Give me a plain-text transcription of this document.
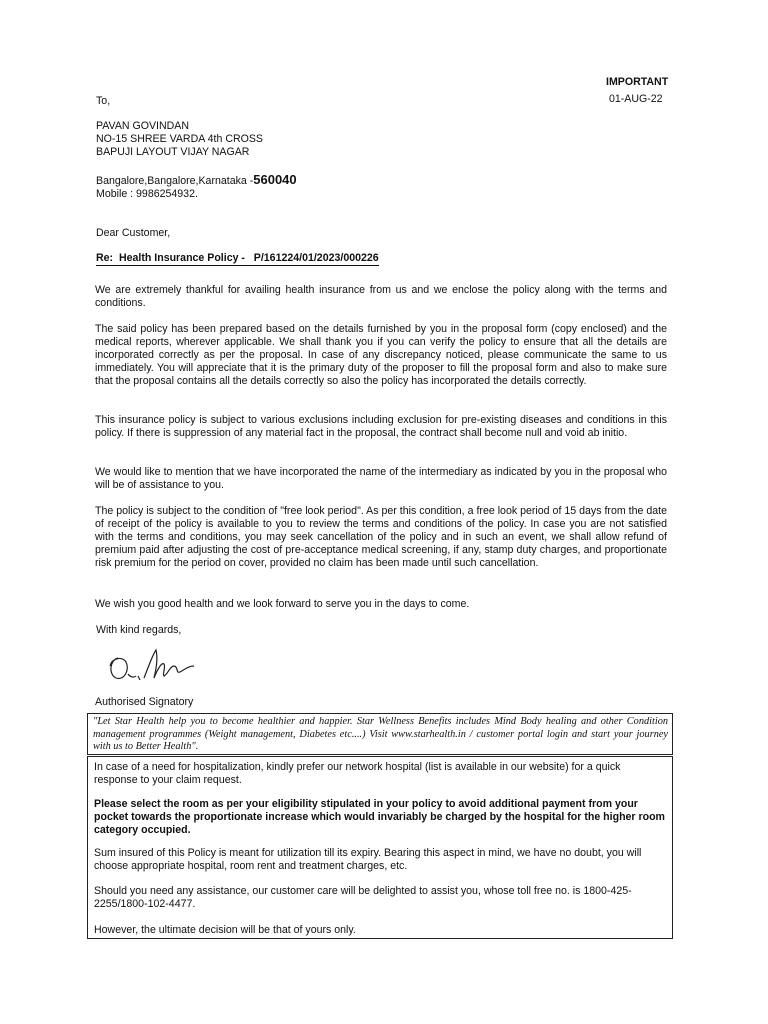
IMPORTANT
01-AUG-22
To,
PAVAN GOVINDAN
NO-15 SHREE VARDA 4th CROSS
BAPUJI LAYOUT VIJAY NAGAR
Bangalore,Bangalore,Karnataka -560040
Mobile : 9986254932.
Dear Customer,
Re:  Health Insurance Policy -   P/161224/01/2023/000226
We are extremely thankful for availing health insurance from us and we enclose the policy along with the terms and conditions.
The said policy has been prepared based on the details furnished by you in the proposal form (copy enclosed) and the medical reports, wherever applicable. We shall thank you if you can verify the policy to ensure that all the details are incorporated correctly as per the proposal. In case of any discrepancy noticed, please communicate the same to us immediately. You will appreciate that it is the primary duty of the proposer to fill the proposal form and also to make sure that the proposal contains all the details correctly so also the policy has incorporated the details correctly.
This insurance policy is subject to various exclusions including exclusion for pre-existing diseases and conditions in this policy. If there is suppression of any material fact in the proposal, the contract shall become null and void ab initio.
We would like to mention that we have incorporated the name of the intermediary as indicated by you in the proposal who will be of assistance to you.
The policy is subject to the condition of "free look period". As per this condition, a free look period of 15 days from the date of receipt of the policy is available to you to review the terms and conditions of the policy. In case you are not satisfied with the terms and conditions, you may seek cancellation of the policy and in such an event, we shall allow refund of premium paid after adjusting the cost of pre-acceptance medical screening, if any, stamp duty charges, and proportionate risk premium for the period on cover, provided no claim has been made until such cancellation.
We wish you good health and we look forward to serve you in the days to come.
With kind regards,
Authorised Signatory
"Let Star Health help you to become healthier and happier. Star Wellness Benefits includes Mind Body healing and other Condition management programmes (Weight management, Diabetes etc....) Visit www.starhealth.in / customer portal login and start your journey with us to Better Health".
In case of a need for hospitalization, kindly prefer our network hospital (list is available in our website) for a quick response to your claim request.
Please select the room as per your eligibility stipulated in your policy to avoid additional payment from your pocket towards the proportionate increase which would invariably be charged by the hospital for the higher room category occupied.
Sum insured of this Policy is meant for utilization till its expiry. Bearing this aspect in mind, we have no doubt, you will choose appropriate hospital, room rent and treatment charges, etc.
Should you need any assistance, our customer care will be delighted to assist you, whose toll free no. is 1800-425-2255/1800-102-4477.
However, the ultimate decision will be that of yours only.
